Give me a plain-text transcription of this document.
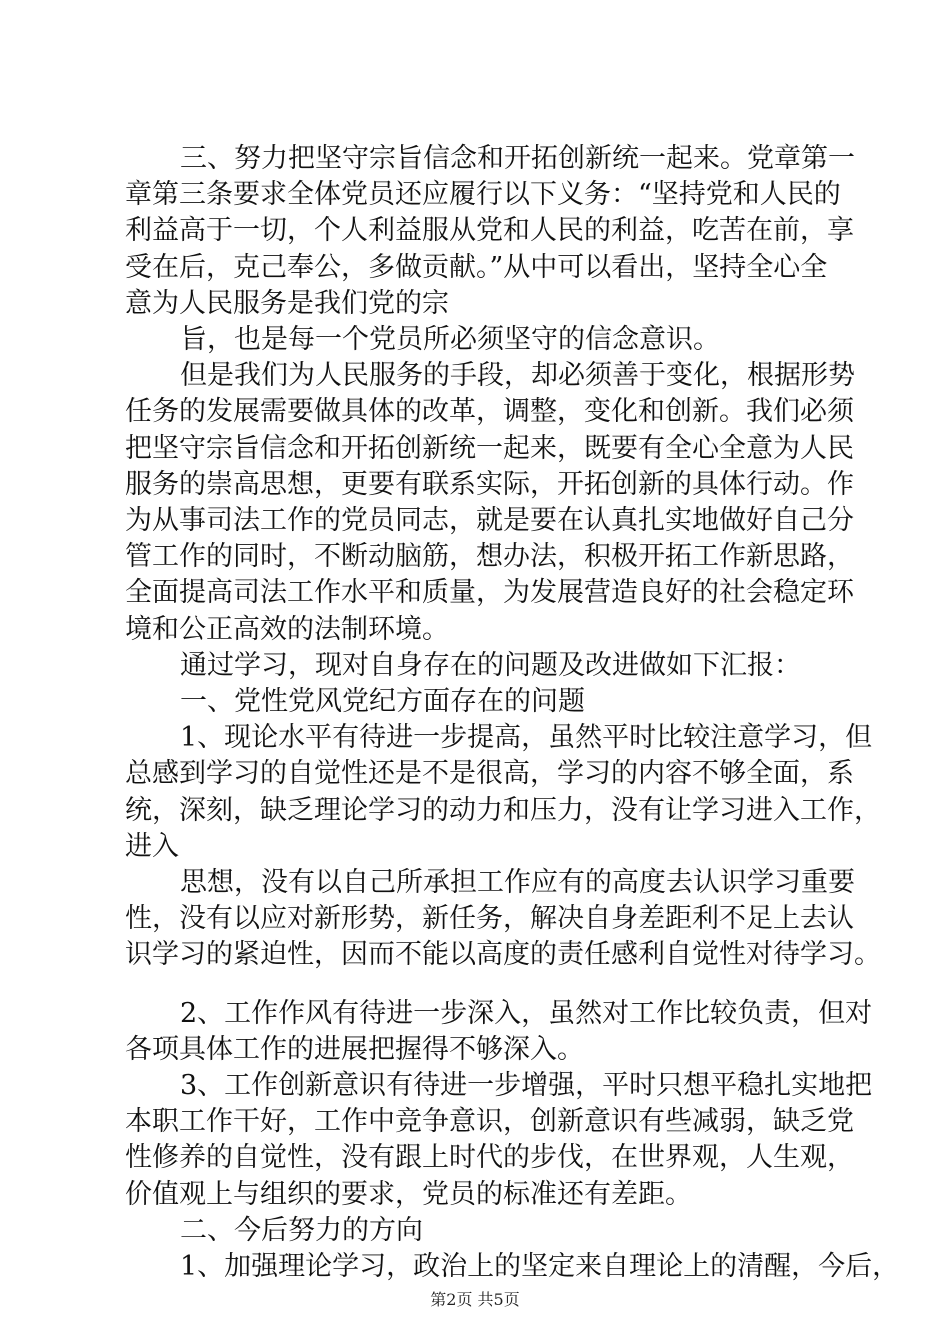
三、努力把坚守宗旨信念和开拓创新统一起来。党章第一
章第三条要求全体党员还应履行以下义务：“坚持党和人民的
利益高于一切，个人利益服从党和人民的利益，吃苦在前，享
受在后，克己奉公，多做贡献。”从中可以看出，坚持全心全
意为人民服务是我们党的宗
旨，也是每一个党员所必须坚守的信念意识。
但是我们为人民服务的手段，却必须善于变化，根据形势
任务的发展需要做具体的改革，调整，变化和创新。我们必须
把坚守宗旨信念和开拓创新统一起来，既要有全心全意为人民
服务的崇高思想，更要有联系实际，开拓创新的具体行动。作
为从事司法工作的党员同志，就是要在认真扎实地做好自己分
管工作的同时，不断动脑筋，想办法，积极开拓工作新思路，
全面提高司法工作水平和质量，为发展营造良好的社会稳定环
境和公正高效的法制环境。
通过学习，现对自身存在的问题及改进做如下汇报：
一、党性党风党纪方面存在的问题
1、现论水平有待进一步提高，虽然平时比较注意学习，但
总感到学习的自觉性还是不是很高，学习的内容不够全面，系
统，深刻，缺乏理论学习的动力和压力，没有让学习进入工作，
进入
思想，没有以自己所承担工作应有的高度去认识学习重要
性，没有以应对新形势，新任务，解决自身差距利不足上去认
识学习的紧迫性，因而不能以高度的责任感利自觉性对待学习。
2、工作作风有待进一步深入，虽然对工作比较负责，但对
各项具体工作的进展把握得不够深入。
3、工作创新意识有待进一步增强，平时只想平稳扎实地把
本职工作干好，工作中竞争意识，创新意识有些减弱，缺乏党
性修养的自觉性，没有跟上时代的步伐，在世界观，人生观，
价值观上与组织的要求，党员的标准还有差距。
二、今后努力的方向
1、加强理论学习，政治上的坚定来自理论上的清醒，今后，
第2页 共5页
